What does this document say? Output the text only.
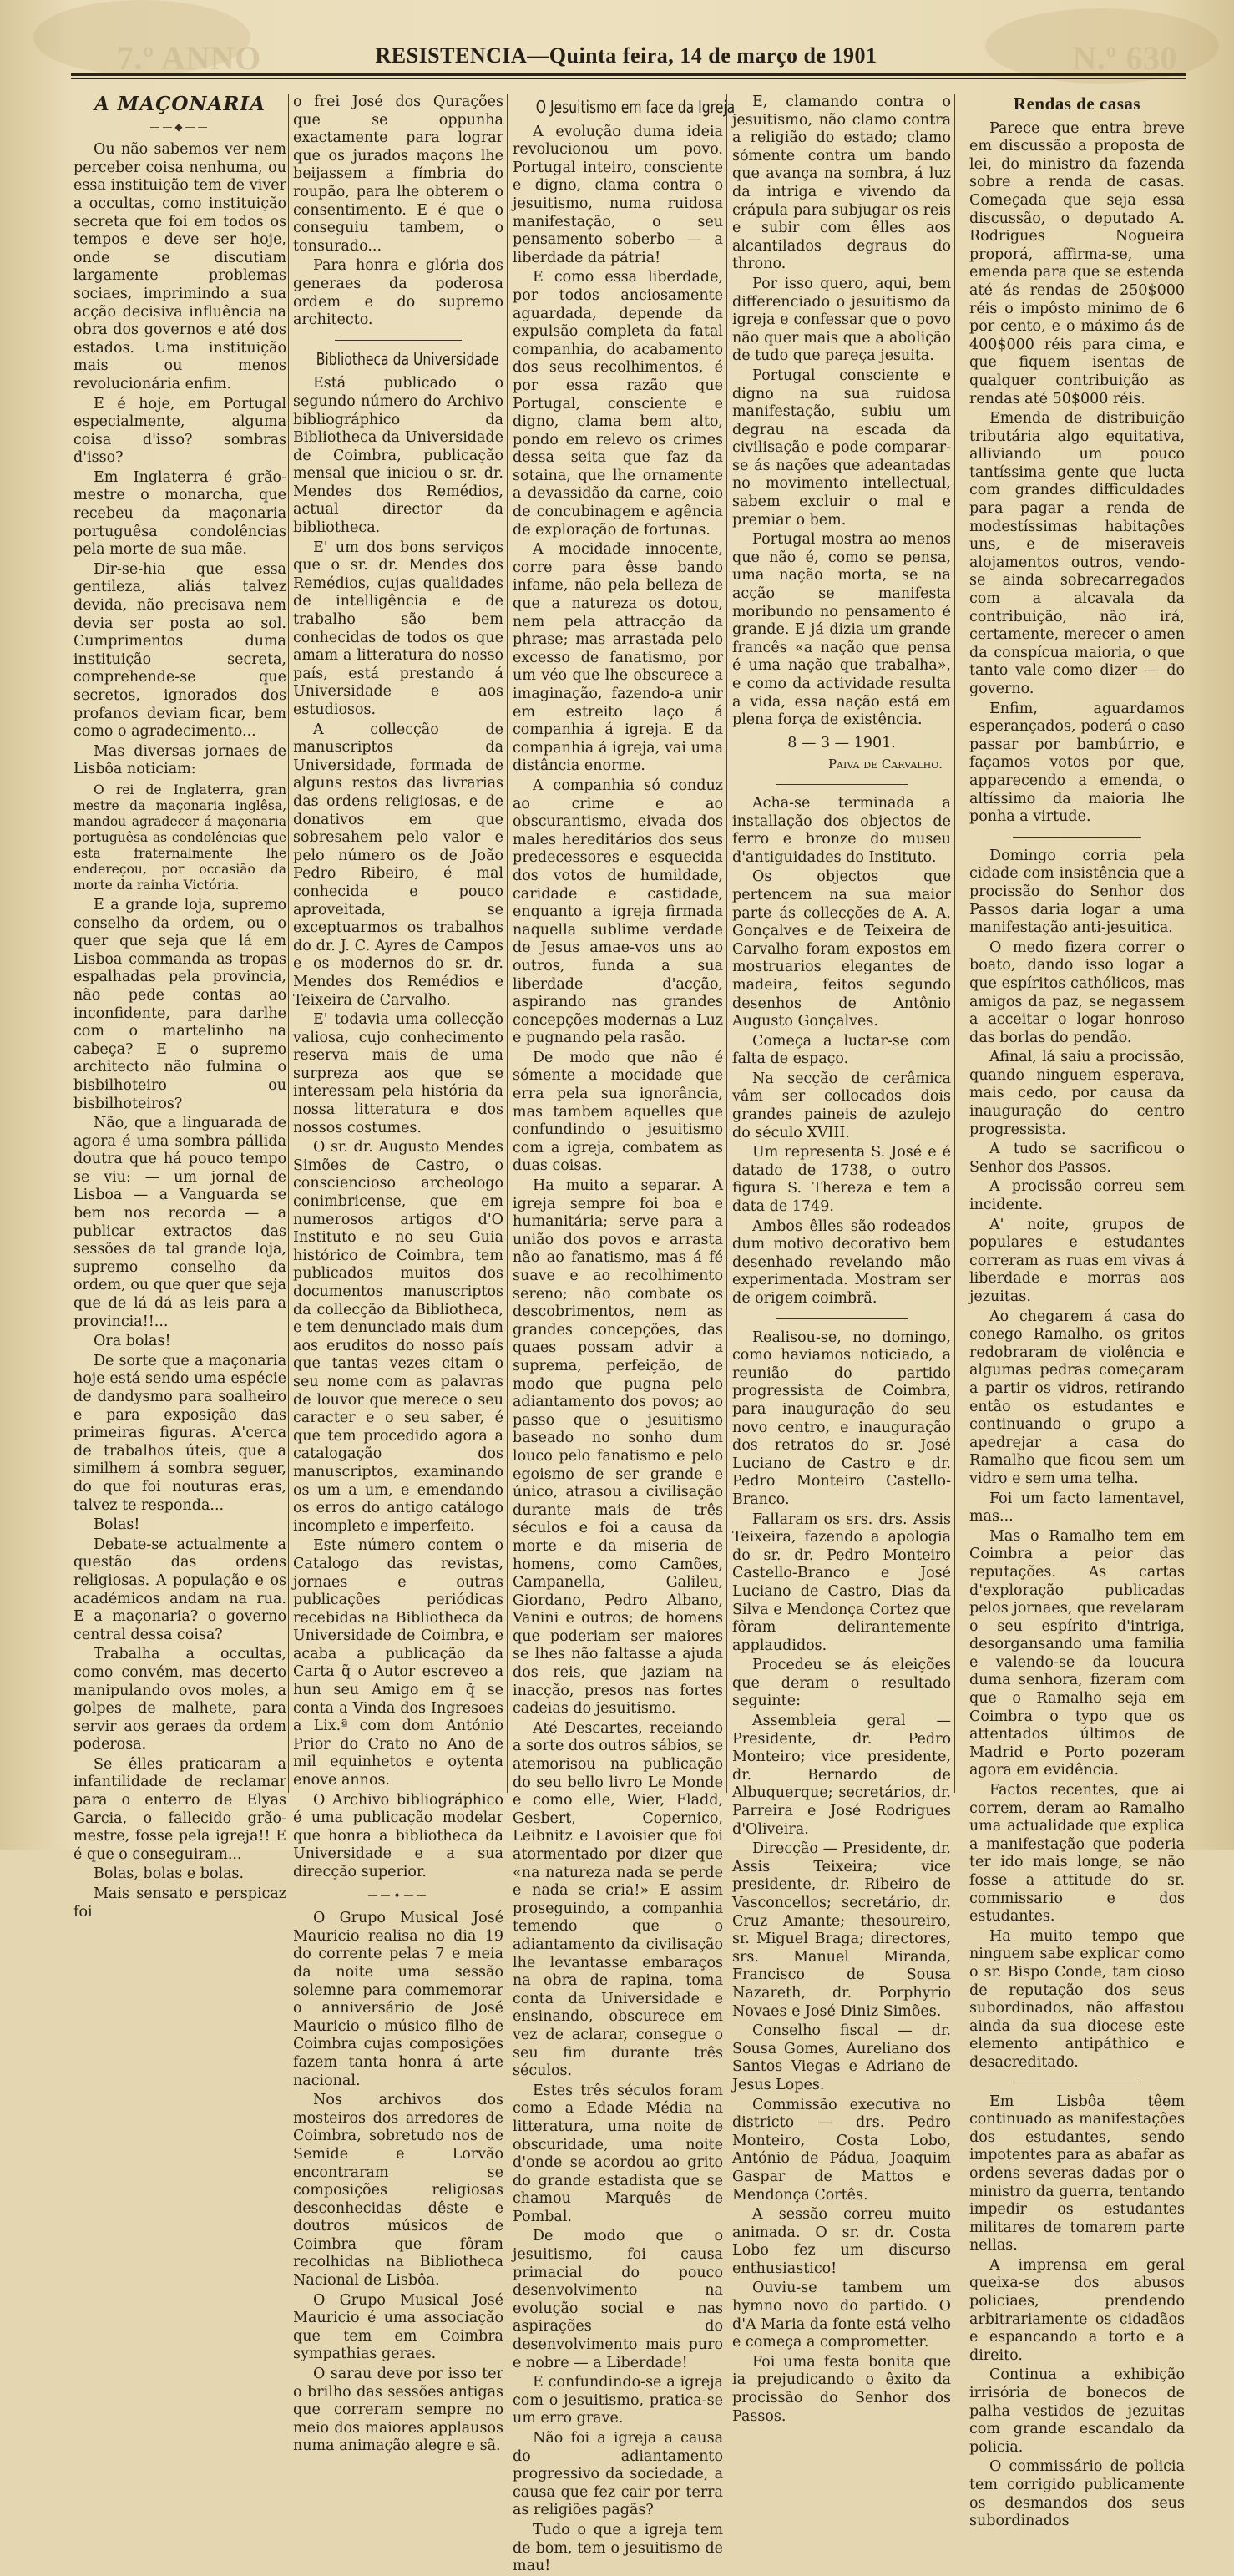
7.º ANNO	RESISTENCIA—Quinta feira, 14 de março de 1901	N.º 630
A MAÇONARIA
——◆——

Ou não sabemos ver nem perceber coisa nenhuma, ou essa instituição tem de viver a occultas, como instituição secreta que foi em todos os tempos e deve ser hoje, onde se discutiam largamente problemas sociaes, imprimindo a sua acção decisiva influência na obra dos governos e até dos estados. Uma instituição mais ou menos revolucionária enfim.

E é hoje, em Portugal especialmente, alguma coisa d'isso? sombras d'isso?

Em Inglaterra é grão-mestre o monarcha, que recebeu da maçonaria portuguêsa condolências pela morte de sua mãe.

Dir-se-hia que essa gentileza, aliás talvez devida, não precisava nem devia ser posta ao sol. Cumprimentos duma instituição secreta, comprehende-se que secretos, ignorados dos profanos deviam ficar, bem como o agradecimento...

Mas diversas jornaes de Lisbôa noticiam:

O rei de Inglaterra, gran mestre da maçonaria inglêsa, mandou agradecer á maçonaria portuguêsa as condolências que esta fraternalmente lhe endereçou, por occasião da morte da rainha Victória.

E a grande loja, supremo conselho da ordem, ou o quer que seja que lá em Lisboa commanda as tropas espalhadas pela provincia, não pede contas ao inconfidente, para darlhe com o martelinho na cabeça? E o supremo architecto não fulmina o bisbilhoteiro ou bisbilhoteiros?

Não, que a linguarada de agora é uma sombra pállida doutra que há pouco tempo se viu: — um jornal de Lisboa — a Vanguarda se bem nos recorda — a publicar extractos das sessões da tal grande loja, supremo conselho da ordem, ou que quer que seja que de lá dá as leis para a provincia!!...

Ora bolas!

De sorte que a maçonaria hoje está sendo uma espécie de dandysmo para soalheiro e para exposição das primeiras figuras. A'cerca de trabalhos úteis, que a similhem á sombra seguer, do que foi nouturas eras, talvez te responda...

Bolas!

Debate-se actualmente a questão das ordens religiosas. A população e os académicos andam na rua. E a maçonaria? o governo central dessa coisa?

Trabalha a occultas, como convém, mas decerto manipulando ovos moles, a golpes de malhete, para servir aos geraes da ordem poderosa.

Se êlles praticaram a infantilidade de reclamar para o enterro de Elyas Garcia, o fallecido grão-mestre, fosse pela igreja!! E é que o conseguiram...

Bolas, bolas e bolas.

Mais sensato e perspicaz foi

o frei José dos Qurações que se oppunha exactamente para lograr que os jurados maçons lhe beijassem a fímbria do roupão, para lhe obterem o consentimento. E é que o conseguiu tambem, o tonsurado...

Para honra e glória dos generaes da poderosa ordem e do supremo architecto.

Bibliotheca da Universidade

Está publicado o segundo número do Archivo bibliográphico da Bibliotheca da Universidade de Coimbra, publicação mensal que iniciou o sr. dr. Mendes dos Remédios, actual director da bibliotheca.

E' um dos bons serviços que o sr. dr. Mendes dos Remédios, cujas qualidades de intelligência e de trabalho são bem conhecidas de todos os que amam a litteratura do nosso país, está prestando á Universidade e aos estudiosos.

A collecção de manuscriptos da Universidade, formada de alguns restos das livrarias das ordens religiosas, e de donativos em que sobresahem pelo valor e pelo número os de João Pedro Ribeiro, é mal conhecida e pouco aproveitada, se exceptuarmos os trabalhos do dr. J. C. Ayres de Campos e os modernos do sr. dr. Mendes dos Remédios e Teixeira de Carvalho.

E' todavia uma collecção valiosa, cujo conhecimento reserva mais de uma surpreza aos que se interessam pela história da nossa litteratura e dos nossos costumes.

O sr. dr. Augusto Mendes Simões de Castro, o consciencioso archeologo conimbricense, que em numerosos artigos d'O Instituto e no seu Guia histórico de Coimbra, tem publicados muitos dos documentos manuscriptos da collecção da Bibliotheca, e tem denunciado mais dum aos eruditos do nosso país que tantas vezes citam o seu nome com as palavras de louvor que merece o seu caracter e o seu saber, é que tem procedido agora a catalogação dos manuscriptos, examinando os um a um, e emendando os erros do antigo catálogo incompleto e imperfeito.

Este número contem o Catalogo das revistas, jornaes e outras publicações periódicas recebidas na Bibliotheca da Universidade de Coimbra, e acaba a publicação da Carta q̃ o Autor escreveo a hun seu Amigo em q̃ se conta a Vinda dos Ingresoes a Lix.ª com dom António Prior do Crato no Ano de mil equinhetos e oytenta enove annos.

O Archivo bibliográphico é uma publicação modelar que honra a bibliotheca da Universidade e a sua direcção superior.

——✦——

O Grupo Musical José Mauricio realisa no dia 19 do corrente pelas 7 e meia da noite uma sessão solemne para commemorar o anniversário de José Mauricio o músico filho de Coimbra cujas composições fazem tanta honra á arte nacional.

Nos archivos dos mosteiros dos arredores de Coimbra, sobretudo nos de Semide e Lorvão encontraram se composições religiosas desconhecidas dêste e doutros músicos de Coimbra que fôram recolhidas na Bibliotheca Nacional de Lisbôa.

O Grupo Musical José Mauricio é uma associação que tem em Coimbra sympathias geraes.

O sarau deve por isso ter o brilho das sessões antigas que correram sempre no meio dos maiores applausos numa animação alegre e sã.

O Jesuitismo em face da Igreja

A evolução duma ideia revolucionou um povo. Portugal inteiro, consciente e digno, clama contra o jesuitismo, numa ruidosa manifestação, o seu pensamento soberbo — a liberdade da pátria!

E como essa liberdade, por todos anciosamente aguardada, depende da expulsão completa da fatal companhia, do acabamento dos seus recolhimentos, é por essa razão que Portugal, consciente e digno, clama bem alto, pondo em relevo os crimes dessa seita que faz da sotaina, que lhe ornamente a devassidão da carne, coio de concubinagem e agência de exploração de fortunas.

A mocidade innocente, corre para êsse bando infame, não pela belleza de que a natureza os dotou, nem pela attracção da phrase; mas arrastada pelo excesso de fanatismo, por um véo que lhe obscurece a imaginação, fazendo-a unir em estreito laço á companhia á igreja. E da companhia á igreja, vai uma distância enorme.

A companhia só conduz ao crime e ao obscurantismo, eivada dos males hereditários dos seus predecessores e esquecida dos votos de humildade, caridade e castidade, enquanto a igreja firmada naquella sublime verdade de Jesus amae-vos uns ao outros, funda a sua liberdade d'acção, aspirando nas grandes concepções modernas a Luz e pugnando pela rasão.

De modo que não é sómente a mocidade que erra pela sua ignorância, mas tambem aquelles que confundindo o jesuitismo com a igreja, combatem as duas coisas.

Ha muito a separar. A igreja sempre foi boa e humanitária; serve para a união dos povos e arrasta não ao fanatismo, mas á fé suave e ao recolhimento sereno; não combate os descobrimentos, nem as grandes concepções, das quaes possam advir a suprema, perfeição, de modo que pugna pelo adiantamento dos povos; ao passo que o jesuitismo baseado no sonho dum louco pelo fanatismo e pelo egoismo de ser grande e único, atrasou a civilisação durante mais de três séculos e foi a causa da morte e da miseria de homens, como Camões, Campanella, Galileu, Giordano, Pedro Albano, Vanini e outros; de homens que poderiam ser maiores se lhes não faltasse a ajuda dos reis, que jaziam na inacção, presos nas fortes cadeias do jesuitismo.

Até Descartes, receiando a sorte dos outros sábios, se atemorisou na publicação do seu bello livro Le Monde e como elle, Wier, Fladd, Gesbert, Copernico, Leibnitz e Lavoisier que foi atormentado por dizer que «na natureza nada se perde e nada se cria!» E assim proseguindo, a companhia temendo que o adiantamento da civilisação lhe levantasse embaraços na obra de rapina, toma conta da Universidade e ensinando, obscurece em vez de aclarar, consegue o seu fim durante três séculos.

Estes três séculos foram como a Edade Média na litteratura, uma noite de obscuridade, uma noite d'onde se acordou ao grito do grande estadista que se chamou Marquês de Pombal.

De modo que o jesuitismo, foi causa primacial do pouco desenvolvimento na evolução social e nas aspirações do desenvolvimento mais puro e nobre — a Liberdade!

E confundindo-se a igreja com o jesuitismo, pratica-se um erro grave.

Não foi a igreja a causa do adiantamento progressivo da sociedade, a causa que fez cair por terra as religiões pagãs?

Tudo o que a igreja tem de bom, tem o jesuitismo de mau!

E, clamando contra o jesuitismo, não clamo contra a religião do estado; clamo sómente contra um bando que avança na sombra, á luz da intriga e vivendo da crápula para subjugar os reis e subir com êlles aos alcantilados degraus do throno.

Por isso quero, aqui, bem differenciado o jesuitismo da igreja e confessar que o povo não quer mais que a abolição de tudo que pareça jesuita.

Portugal consciente e digno na sua ruidosa manifestação, subiu um degrau na escada da civilisação e pode comparar-se ás nações que adeantadas no movimento intellectual, sabem excluir o mal e premiar o bem.

Portugal mostra ao menos que não é, como se pensa, uma nação morta, se na acção se manifesta moribundo no pensamento é grande. E já dizia um grande francês «a nação que pensa é uma nação que trabalha», e como da actividade resulta a vida, essa nação está em plena força de existência.

8 — 3 — 1901.
Paiva de Carvalho.

Acha-se terminada a installação dos objectos de ferro e bronze do museu d'antiguidades do Instituto.

Os objectos que pertencem na sua maior parte ás collecções de A. A. Gonçalves e de Teixeira de Carvalho foram expostos em mostruarios elegantes de madeira, feitos segundo desenhos de Antônio Augusto Gonçalves.

Começa a luctar-se com falta de espaço.

Na secção de cerâmica vâm ser collocados dois grandes paineis de azulejo do século XVIII.

Um representa S. José e é datado de 1738, o outro figura S. Thereza e tem a data de 1749.

Ambos êlles são rodeados dum motivo decorativo bem desenhado revelando mão experimentada. Mostram ser de origem coimbrã.

Realisou-se, no domingo, como haviamos noticiado, a reunião do partido progressista de Coimbra, para inauguração do seu novo centro, e inauguração dos retratos do sr. José Luciano de Castro e dr. Pedro Monteiro Castello-Branco.

Fallaram os srs. drs. Assis Teixeira, fazendo a apologia do sr. dr. Pedro Monteiro Castello-Branco e José Luciano de Castro, Dias da Silva e Mendonça Cortez que fôram delirantemente applaudidos.

Procedeu se ás eleições que deram o resultado seguinte:

Assembleia geral — Presidente, dr. Pedro Monteiro; vice presidente, dr. Bernardo de Albuquerque; secretários, dr. Parreira e José Rodrigues d'Oliveira.

Direcção — Presidente, dr. Assis Teixeira; vice presidente, dr. Ribeiro de Vasconcellos; secretário, dr. Cruz Amante; thesoureiro, sr. Miguel Braga; directores, srs. Manuel Miranda, Francisco de Sousa Nazareth, dr. Porphyrio Novaes e José Diniz Simões.

Conselho fiscal — dr. Sousa Gomes, Aureliano dos Santos Viegas e Adriano de Jesus Lopes.

Commissão executiva no districto — drs. Pedro Monteiro, Costa Lobo, António de Pádua, Joaquim Gaspar de Mattos e Mendonça Cortês.

A sessão correu muito animada. O sr. dr. Costa Lobo fez um discurso enthusiastico!

Ouviu-se tambem um hymno novo do partido. O d'A Maria da fonte está velho e começa a comprometter.

Foi uma festa bonita que ia prejudicando o êxito da procissão do Senhor dos Passos.

Rendas de casas

Parece que entra breve em discussão a proposta de lei, do ministro da fazenda sobre a renda de casas. Começada que seja essa discussão, o deputado A. Rodrigues Nogueira proporá, affirma-se, uma emenda para que se estenda até ás rendas de 250$000 réis o impôsto minimo de 6 por cento, e o máximo ás de 400$000 réis para cima, e que fiquem isentas de qualquer contribuição as rendas até 50$000 réis.

Emenda de distribuição tributária algo equitativa, alliviando um pouco tantíssima gente que lucta com grandes difficuldades para pagar a renda de modestíssimas habitações uns, e de miseraveis alojamentos outros, vendo-se ainda sobrecarregados com a alcavala da contribuição, não irá, certamente, merecer o amen da conspícua maioria, o que tanto vale como dizer — do governo.

Enfim, aguardamos esperançados, poderá o caso passar por bambúrrio, e façamos votos por que, apparecendo a emenda, o altíssimo da maioria lhe ponha a virtude.

Domingo corria pela cidade com insistência que a procissão do Senhor dos Passos daria logar a uma manifestação anti-jesuitica.

O medo fizera correr o boato, dando isso logar a que espíritos cathólicos, mas amigos da paz, se negassem a acceitar o logar honroso das borlas do pendão.

Afinal, lá saiu a procissão, quando ninguem esperava, mais cedo, por causa da inauguração do centro progressista.

A tudo se sacrificou o Senhor dos Passos.

A procissão correu sem incidente.

A' noite, grupos de populares e estudantes correram as ruas em vivas á liberdade e morras aos jezuitas.

Ao chegarem á casa do conego Ramalho, os gritos redobraram de violência e algumas pedras começaram a partir os vidros, retirando então os estudantes e continuando o grupo a apedrejar a casa do Ramalho que ficou sem um vidro e sem uma telha.

Foi um facto lamentavel, mas...

Mas o Ramalho tem em Coimbra a peior das reputações. As cartas d'exploração publicadas pelos jornaes, que revelaram o seu espírito d'intriga, desorgansando uma familia e valendo-se da loucura duma senhora, fizeram com que o Ramalho seja em Coimbra o typo que os attentados últimos de Madrid e Porto pozeram agora em evidência.

Factos recentes, que ai correm, deram ao Ramalho uma actualidade que explica a manifestação que poderia ter ido mais longe, se não fosse a attitude do sr. commissario e dos estudantes.

Ha muito tempo que ninguem sabe explicar como o sr. Bispo Conde, tam cioso de reputação dos seus subordinados, não affastou ainda da sua diocese este elemento antipáthico e desacreditado.

Em Lisbôa têem continuado as manifestações dos estudantes, sendo impotentes para as abafar as ordens severas dadas por o ministro da guerra, tentando impedir os estudantes militares de tomarem parte nellas.

A imprensa em geral queixa-se dos abusos policiaes, prendendo arbitrariamente os cidadãos e espancando a torto e a direito.

Continua a exhibição irrisória de bonecos de palha vestidos de jezuitas com grande escandalo da policia.

O commissário de policia tem corrigido publicamente os desmandos dos seus subordinados
